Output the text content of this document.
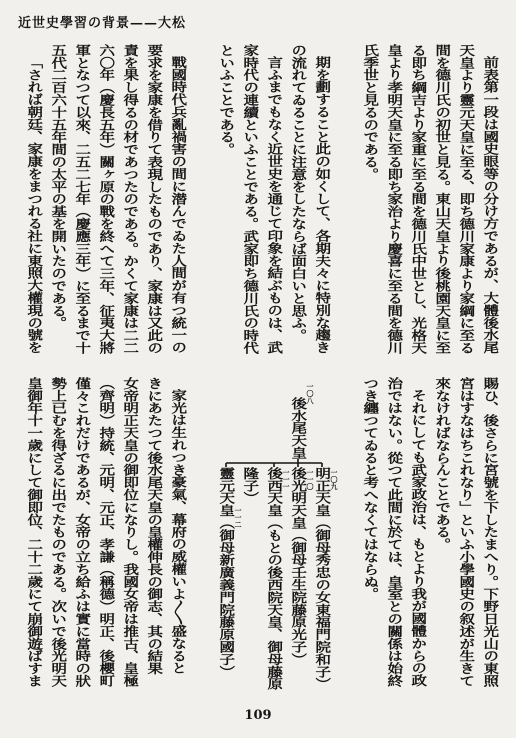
近世史學習の背景——大松
前表第一段は國史眼等の分け方であるが、大體後水尾
天皇より靈元天皇に至る、即ち德川家康より家綱に至る
間を德川氏の初世と見る。東山天皇より後桃園天皇に至
る即ち綱吉より家重に至る間を德川氏中世とし、光格天
皇より孝明天皇に至る即ち家治より慶喜に至る間を德川
氏季世と見るのである。
期を劃すること此の如くして、各期夫々に特別な趨き
の流れてゐることに注意をしたならば面白いと思ふ。
言ふまでもなく近世史を通じて印象を結ぶものは、武
家時代の連續といふことである。武家即ち德川氏の時代
といふことである。
戰國時代兵亂禍害の間に潜んでゐた人間が有つ統一の
要求を家康を借りて表現したものであり、家康は又此の
責を果し得るの材であつたのである。かくて家康は二二
六〇年（慶長五年）關ヶ原の戰を終へて三年、征夷大將
軍となつて以來、二五二七年（慶應三年）に至るまで十
五代二百六十五年間の太平の基を開いたのである。
「されば朝廷、家康をまつれる社に東照大權現の號を
賜ひ、後さらに宮號を下したまへり。下野日光山の東照
宮はすなはちこれなり」といふ小學國史の叙述が生きて
來なければならんことである。
それにしても武家政治は、もとより我が國體からの政
治ではない。從つて此間に於ては、皇室との關係は始終
つき纏つてゐると考へなくてはならぬ。
一〇八
後水尾天皇
一〇九
明正天皇（御母秀忠の女東福門院和子）
一一〇
後光明天皇（御母壬生院藤原光子）
一一一
後西天皇（もとの後西院天皇、御母藤原
隆子）
一一二
靈元天皇（御母新廣義門院藤原國子）
家光は生れつき豪氣、幕府の威權いよ〳〵盛なると
きにあたつて後水尾天皇の皇權伸長の御志、其の結果
女帝明正天皇の御即位になりし。我國女帝は推古、皇極
（齊明）持統、元明、元正、孝謙（稱德）明正、後櫻町
僅々これだけであるが、女帝の立ち給ふは實に當時の狀
勢上已むを得ざるに出でたものである。次いで後光明天
皇御年十一歲にして御即位、二十二歲にて崩御遊ばすま
109
